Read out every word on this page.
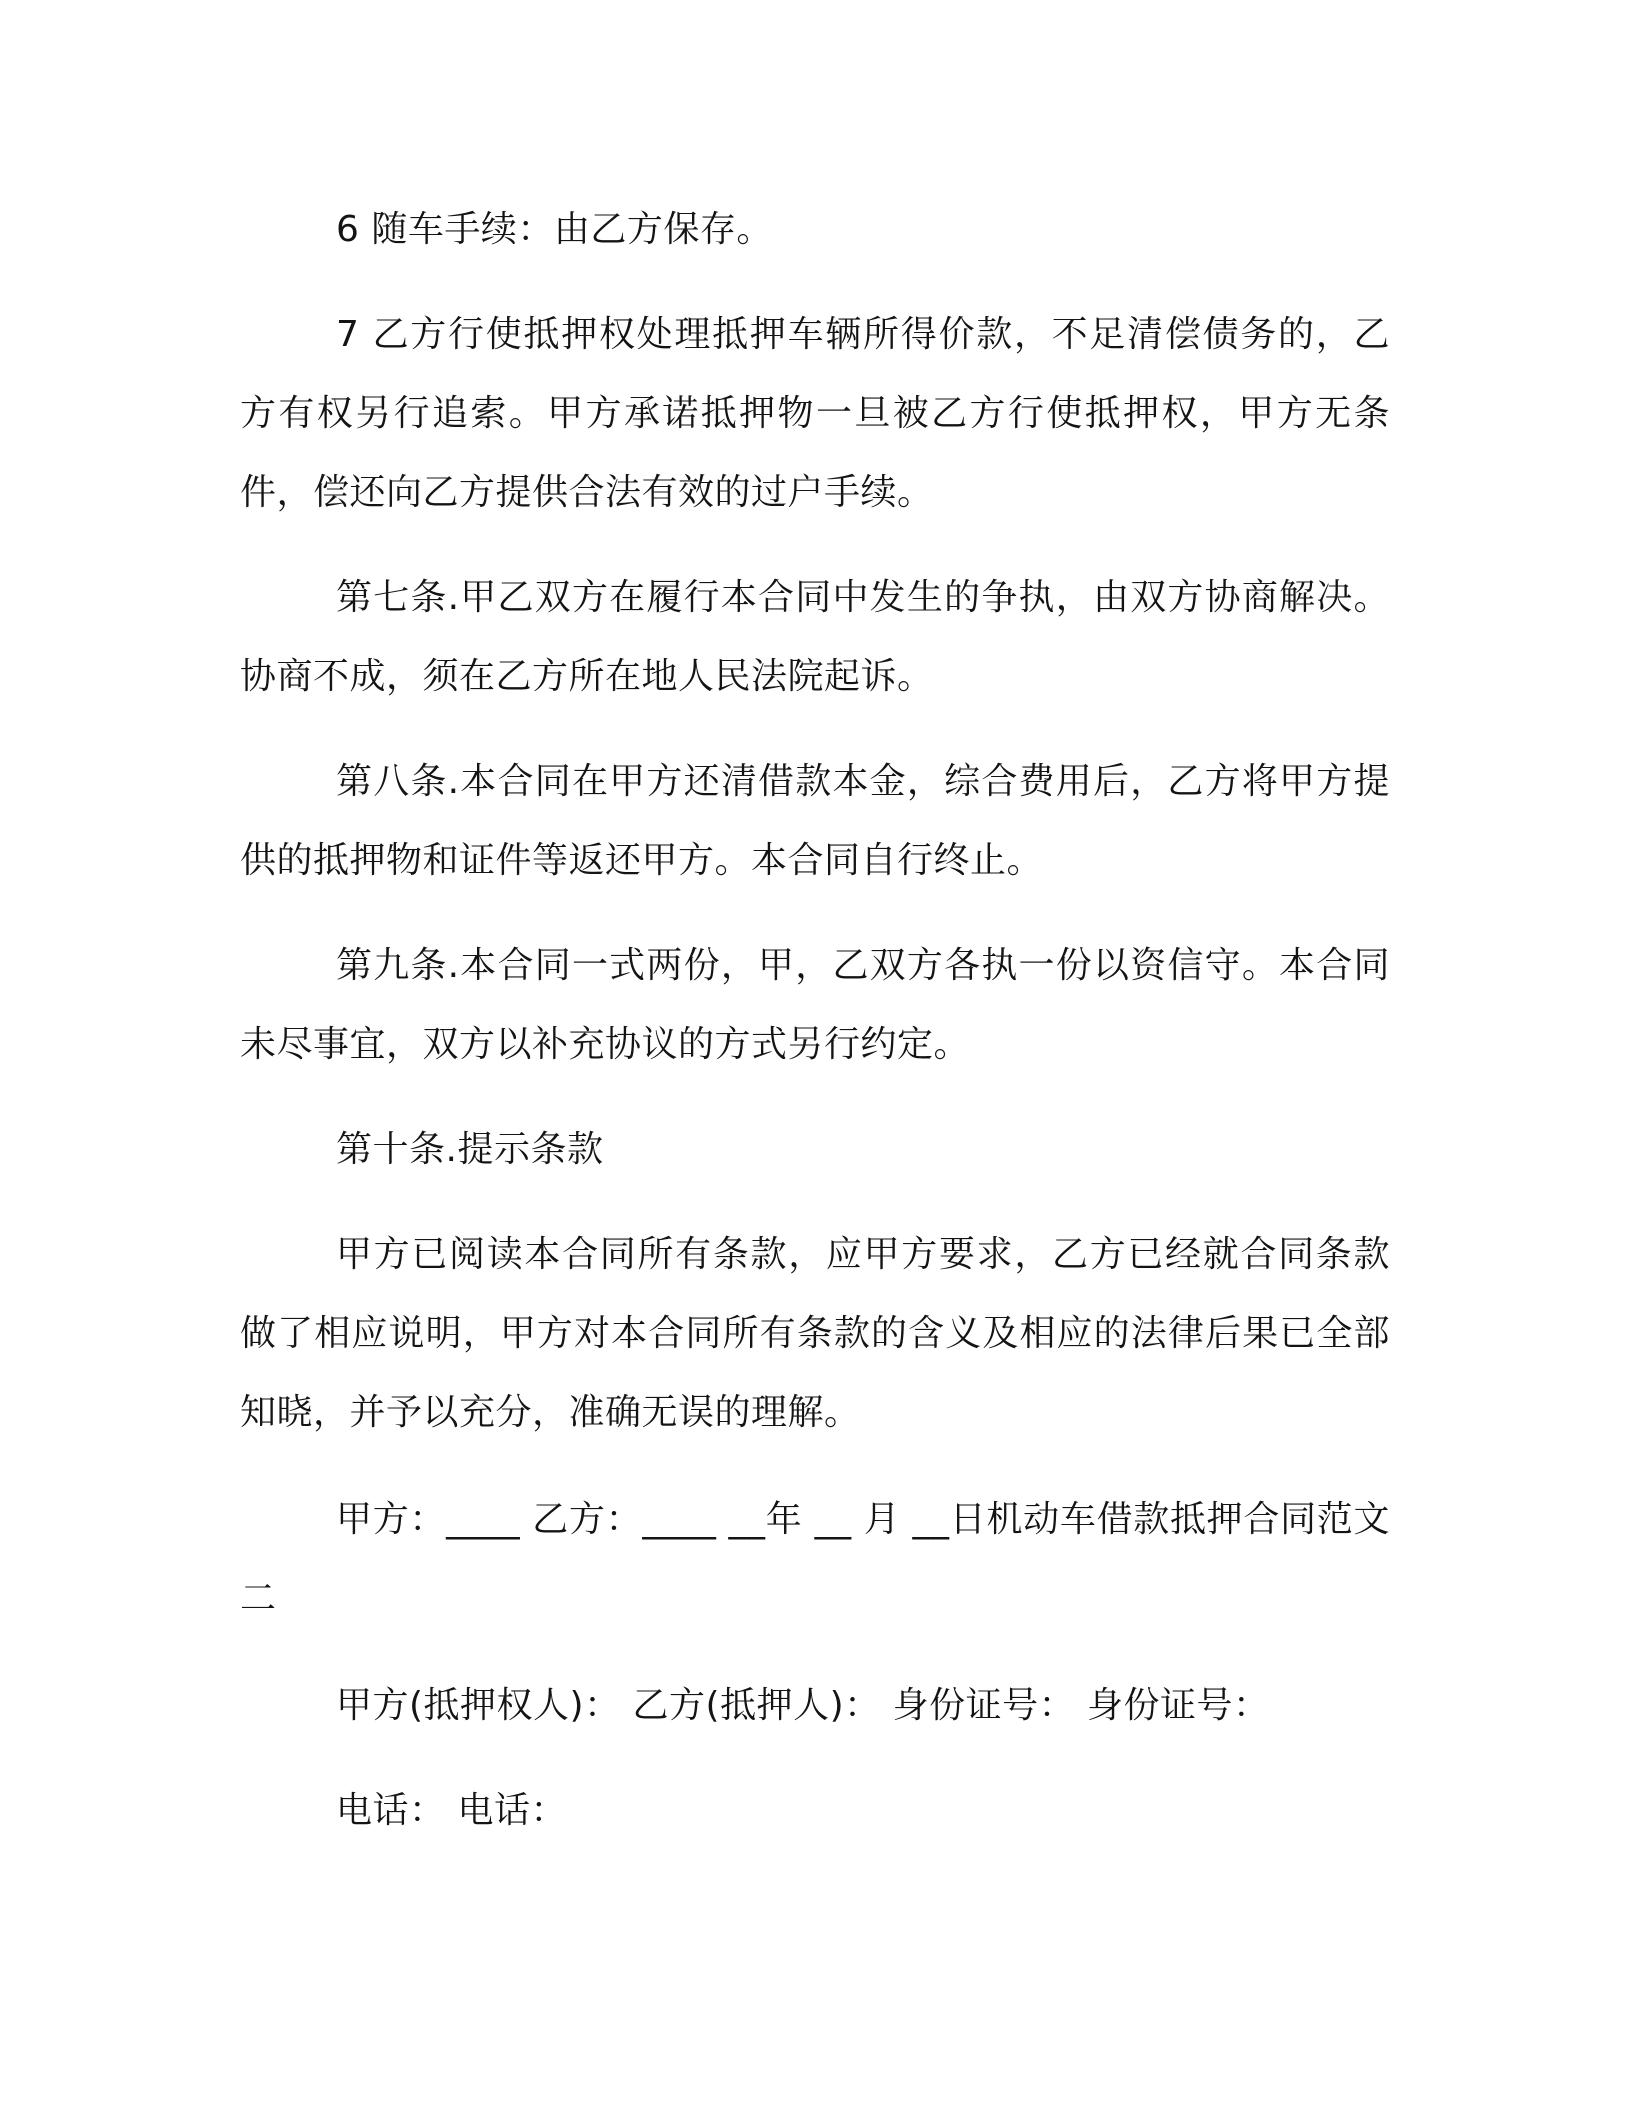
6 随车手续：由乙方保存。

7 乙方行使抵押权处理抵押车辆所得价款，不足清偿债务的，乙方有权另行追索。甲方承诺抵押物一旦被乙方行使抵押权，甲方无条件，偿还向乙方提供合法有效的过户手续。

第七条.甲乙双方在履行本合同中发生的争执，由双方协商解决。协商不成，须在乙方所在地人民法院起诉。

第八条.本合同在甲方还清借款本金，综合费用后，乙方将甲方提供的抵押物和证件等返还甲方。本合同自行终止。

第九条.本合同一式两份，甲，乙双方各执一份以资信守。本合同未尽事宜，双方以补充协议的方式另行约定。

第十条.提示条款

甲方已阅读本合同所有条款，应甲方要求，乙方已经就合同条款做了相应说明，甲方对本合同所有条款的含义及相应的法律后果已全部知晓，并予以充分，准确无误的理解。

甲方：____ 乙方：____ __年 __ 月 __日机动车借款抵押合同范文二

甲方(抵押权人)： 乙方(抵押人)： 身份证号： 身份证号：

电话： 电话：
